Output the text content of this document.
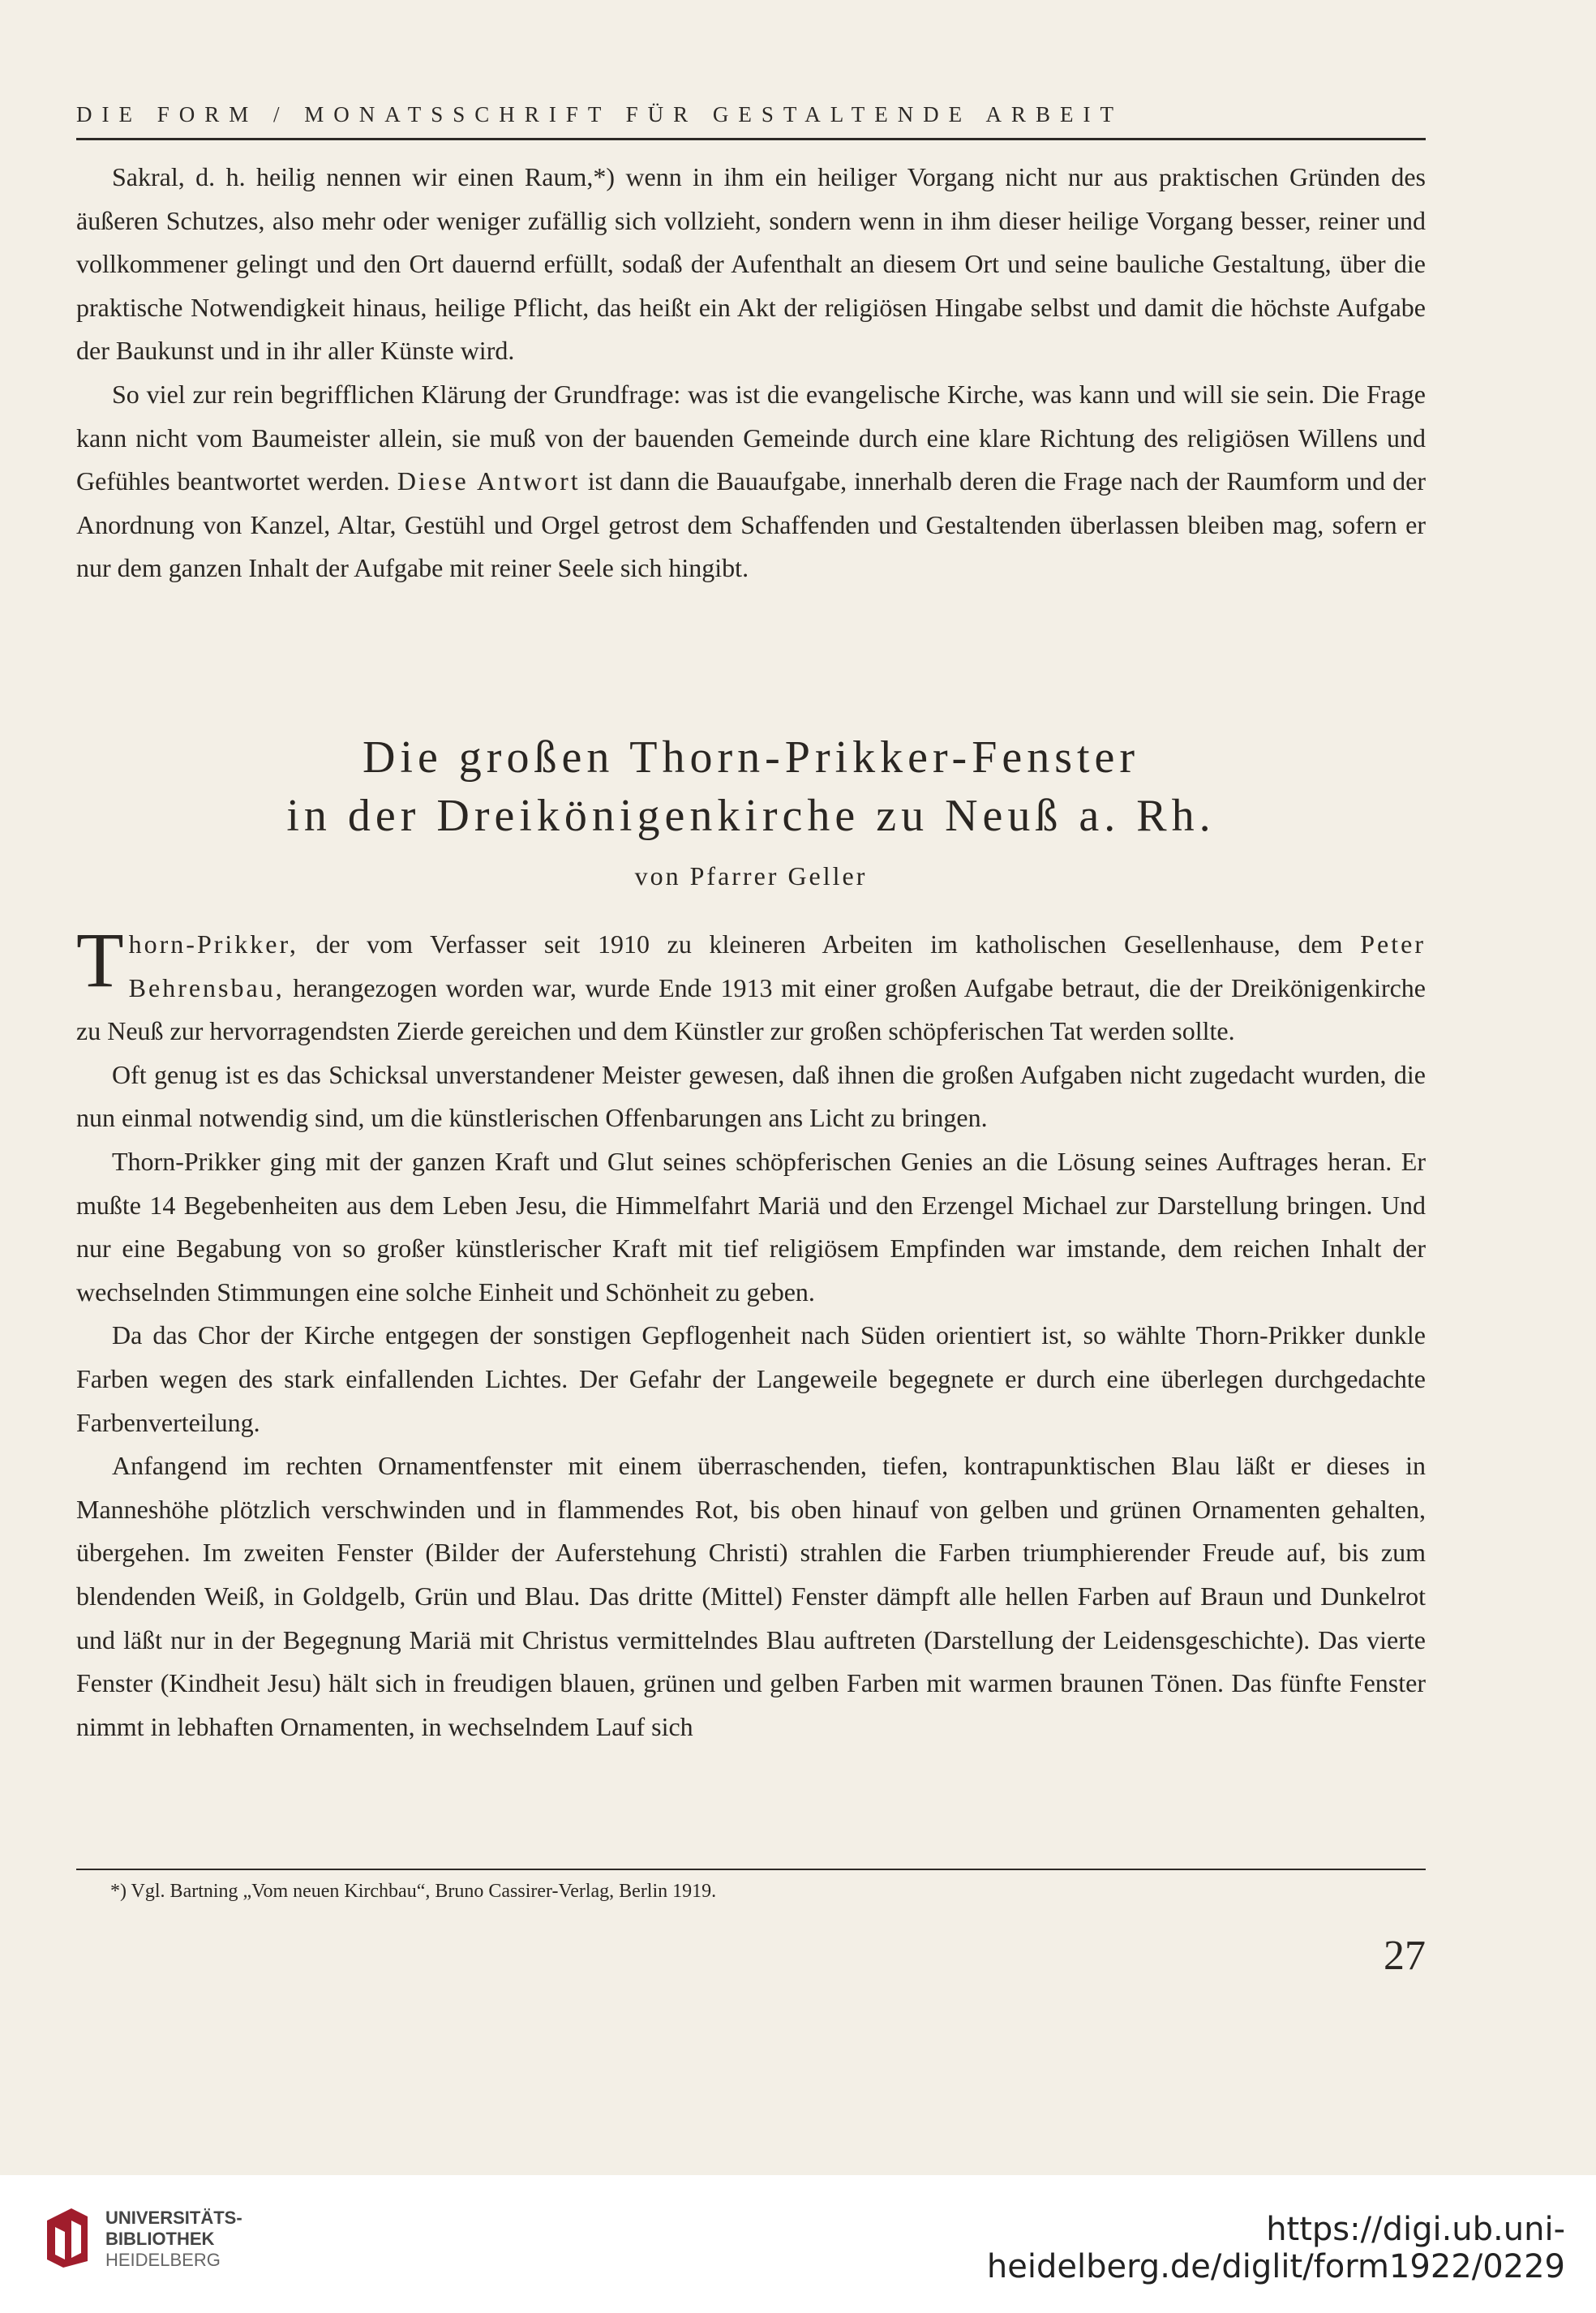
DIE FORM / MONATSSCHRIFT FÜR GESTALTENDE ARBEIT

Sakral, d. h. heilig nennen wir einen Raum,*) wenn in ihm ein heiliger Vorgang nicht nur aus praktischen Gründen des äußeren Schutzes, also mehr oder weniger zufällig sich vollzieht, sondern wenn in ihm dieser heilige Vorgang besser, reiner und vollkommener gelingt und den Ort dauernd erfüllt, sodaß der Aufenthalt an diesem Ort und seine bauliche Gestaltung, über die praktische Notwendigkeit hinaus, heilige Pflicht, das heißt ein Akt der religiösen Hingabe selbst und damit die höchste Aufgabe der Baukunst und in ihr aller Künste wird.

So viel zur rein begrifflichen Klärung der Grundfrage: was ist die evangelische Kirche, was kann und will sie sein. Die Frage kann nicht vom Baumeister allein, sie muß von der bauenden Gemeinde durch eine klare Richtung des religiösen Willens und Gefühles beantwortet werden. Diese Antwort ist dann die Bauaufgabe, innerhalb deren die Frage nach der Raumform und der Anordnung von Kanzel, Altar, Gestühl und Orgel getrost dem Schaffenden und Gestaltenden überlassen bleiben mag, sofern er nur dem ganzen Inhalt der Aufgabe mit reiner Seele sich hingibt.

Die großen Thorn-Prikker-Fenster
in der Dreikönigenkirche zu Neuß a. Rh.
von Pfarrer Geller

Thorn-Prikker, der vom Verfasser seit 1910 zu kleineren Arbeiten im katholischen Gesellenhause, dem Peter Behrensbau, herangezogen worden war, wurde Ende 1913 mit einer großen Aufgabe betraut, die der Dreikönigenkirche zu Neuß zur hervorragendsten Zierde gereichen und dem Künstler zur großen schöpferischen Tat werden sollte.

Oft genug ist es das Schicksal unverstandener Meister gewesen, daß ihnen die großen Aufgaben nicht zugedacht wurden, die nun einmal notwendig sind, um die künstlerischen Offenbarungen ans Licht zu bringen.

Thorn-Prikker ging mit der ganzen Kraft und Glut seines schöpferischen Genies an die Lösung seines Auftrages heran. Er mußte 14 Begebenheiten aus dem Leben Jesu, die Himmelfahrt Mariä und den Erzengel Michael zur Darstellung bringen. Und nur eine Begabung von so großer künstlerischer Kraft mit tief religiösem Empfinden war imstande, dem reichen Inhalt der wechselnden Stimmungen eine solche Einheit und Schönheit zu geben.

Da das Chor der Kirche entgegen der sonstigen Gepflogenheit nach Süden orientiert ist, so wählte Thorn-Prikker dunkle Farben wegen des stark einfallenden Lichtes. Der Gefahr der Langeweile begegnete er durch eine überlegen durchgedachte Farbenverteilung.

Anfangend im rechten Ornamentfenster mit einem überraschenden, tiefen, kontrapunktischen Blau läßt er dieses in Manneshöhe plötzlich verschwinden und in flammendes Rot, bis oben hinauf von gelben und grünen Ornamenten gehalten, übergehen. Im zweiten Fenster (Bilder der Auferstehung Christi) strahlen die Farben triumphierender Freude auf, bis zum blendenden Weiß, in Goldgelb, Grün und Blau. Das dritte (Mittel) Fenster dämpft alle hellen Farben auf Braun und Dunkelrot und läßt nur in der Begegnung Mariä mit Christus vermittelndes Blau auftreten (Darstellung der Leidensgeschichte). Das vierte Fenster (Kindheit Jesu) hält sich in freudigen blauen, grünen und gelben Farben mit warmen braunen Tönen. Das fünfte Fenster nimmt in lebhaften Ornamenten, in wechselndem Lauf sich

*) Vgl. Bartning „Vom neuen Kirchbau“, Bruno Cassirer-Verlag, Berlin 1919.
27
UNIVERSITÄTS-
BIBLIOTHEK
HEIDELBERG
https://digi.ub.uni-heidelberg.de/diglit/form1922/0229
